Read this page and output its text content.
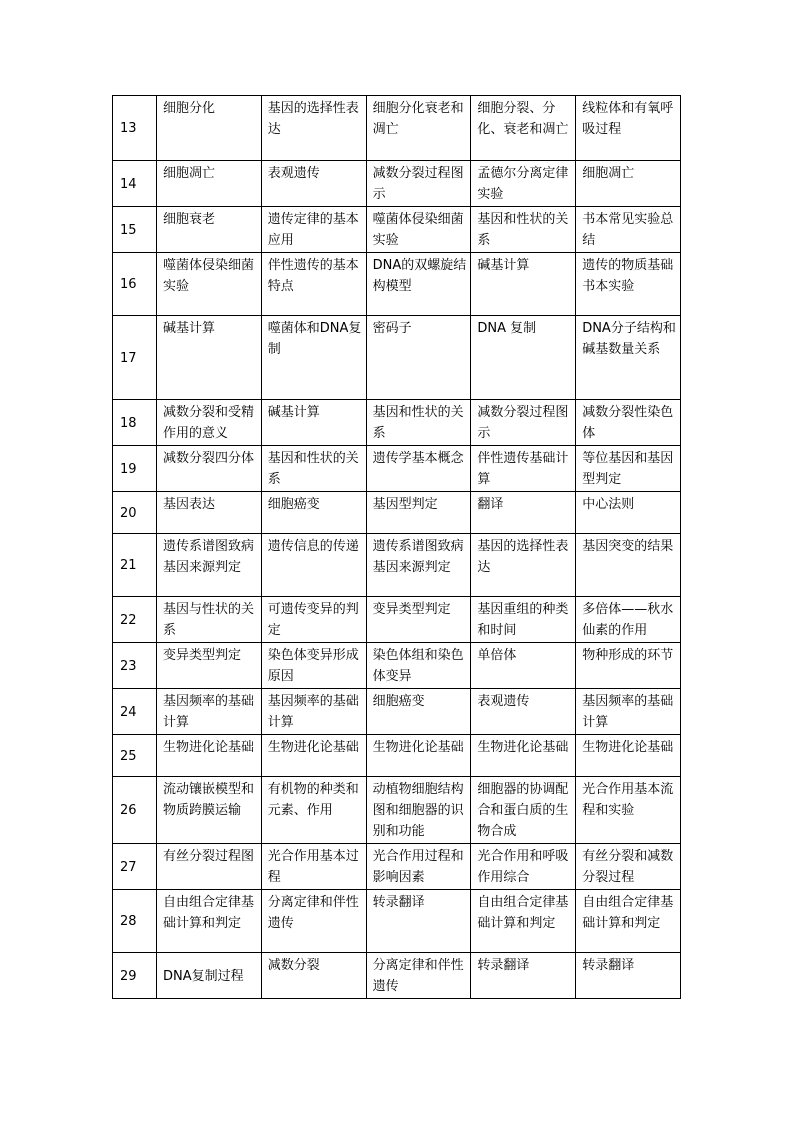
13	细胞分化	基因的选择性表达	细胞分化衰老和凋亡	细胞分裂、分化、衰老和凋亡	线粒体和有氧呼吸过程
14	细胞凋亡	表观遗传	减数分裂过程图示	孟德尔分离定律实验	细胞凋亡
15	细胞衰老	遗传定律的基本应用	噬菌体侵染细菌实验	基因和性状的关系	书本常见实验总结
16	噬菌体侵染细菌实验	伴性遗传的基本特点	DNA的双螺旋结构模型	碱基计算	遗传的物质基础书本实验
17	碱基计算	噬菌体和DNA复制	密码子	DNA 复制	DNA分子结构和碱基数量关系
18	减数分裂和受精作用的意义	碱基计算	基因和性状的关系	减数分裂过程图示	减数分裂性染色体
19	减数分裂四分体	基因和性状的关系	遗传学基本概念	伴性遗传基础计算	等位基因和基因型判定
20	基因表达	细胞癌变	基因型判定	翻译	中心法则
21	遗传系谱图致病基因来源判定	遗传信息的传递	遗传系谱图致病基因来源判定	基因的选择性表达	基因突变的结果
22	基因与性状的关系	可遗传变异的判定	变异类型判定	基因重组的种类和时间	多倍体——秋水仙素的作用
23	变异类型判定	染色体变异形成原因	染色体组和染色体变异	单倍体	物种形成的环节
24	基因频率的基础计算	基因频率的基础计算	细胞癌变	表观遗传	基因频率的基础计算
25	生物进化论基础	生物进化论基础	生物进化论基础	生物进化论基础	生物进化论基础
26	流动镶嵌模型和物质跨膜运输	有机物的种类和元素、作用	动植物细胞结构图和细胞器的识别和功能	细胞器的协调配合和蛋白质的生物合成	光合作用基本流程和实验
27	有丝分裂过程图	光合作用基本过程	光合作用过程和影响因素	光合作用和呼吸作用综合	有丝分裂和减数分裂过程
28	自由组合定律基础计算和判定	分离定律和伴性遗传	转录翻译	自由组合定律基础计算和判定	自由组合定律基础计算和判定
29	DNA复制过程	减数分裂	分离定律和伴性遗传	转录翻译	转录翻译
